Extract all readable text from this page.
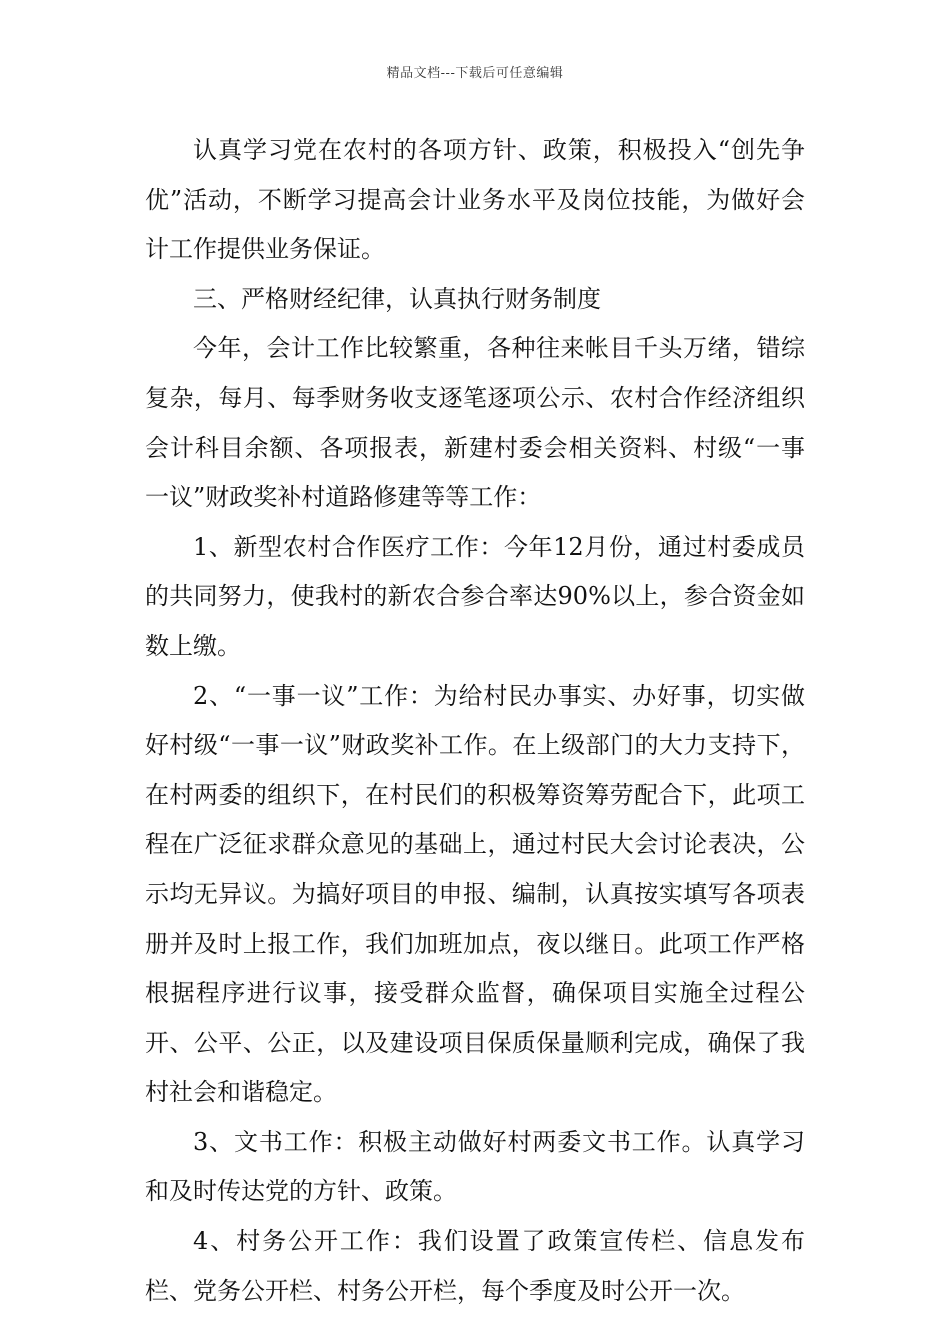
精品文档---下载后可任意编辑

认真学习党在农村的各项方针、政策，积极投入“创先争优”活动，不断学习提高会计业务水平及岗位技能，为做好会计工作提供业务保证。

三、严格财经纪律，认真执行财务制度

今年，会计工作比较繁重，各种往来帐目千头万绪，错综复杂，每月、每季财务收支逐笔逐项公示、农村合作经济组织会计科目余额、各项报表，新建村委会相关资料、村级“一事一议”财政奖补村道路修建等等工作：

1、新型农村合作医疗工作：今年12月份，通过村委成员的共同努力，使我村的新农合参合率达90%以上，参合资金如数上缴。

2、“一事一议”工作：为给村民办事实、办好事，切实做好村级“一事一议”财政奖补工作。在上级部门的大力支持下，在村两委的组织下，在村民们的积极筹资筹劳配合下，此项工程在广泛征求群众意见的基础上，通过村民大会讨论表决，公示均无异议。为搞好项目的申报、编制，认真按实填写各项表册并及时上报工作，我们加班加点，夜以继日。此项工作严格根据程序进行议事，接受群众监督，确保项目实施全过程公开、公平、公正，以及建设项目保质保量顺利完成，确保了我村社会和谐稳定。

3、文书工作：积极主动做好村两委文书工作。认真学习和及时传达党的方针、政策。

4、村务公开工作：我们设置了政策宣传栏、信息发布栏、党务公开栏、村务公开栏，每个季度及时公开一次。
